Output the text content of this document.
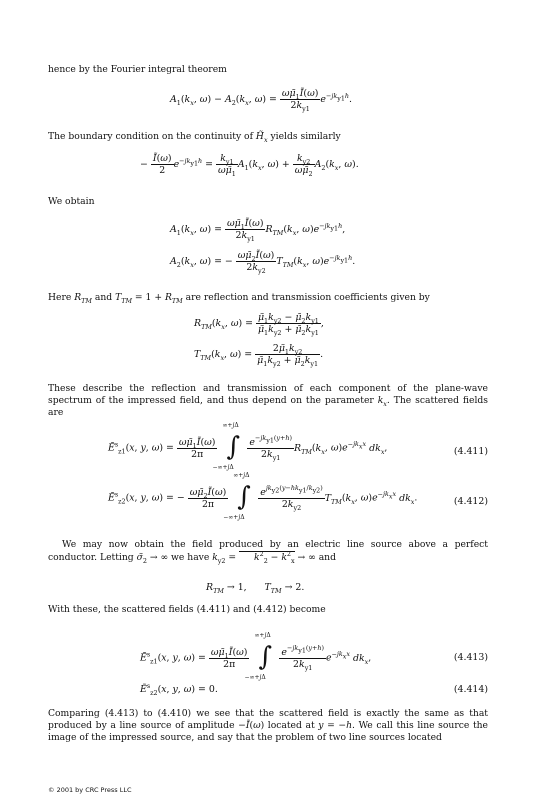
hence by the Fourier integral theorem
$A_1(k_x$, $\omega) - A_2(k_x$, $\omega) = \frac{\omega\mũ_1Ĩ(\omega)}{2k_{y1}} e^{-jk_{y1}h}$.
The boundary condition on the continuity of $H̃_x$ yields similarly
− $\frac{Ĩ(\omega)}{2} e^{-jk_{y1}h} = \frac{k_{y1}}{\omega\mũ_1} A_1(k_x$, $\omega) + \frac{k_{y2}}{\omega\mũ_2} A_2(k_x$, ω).
We obtain
$A_1(k_x$, $\omega) = \frac{\omega\mũ_1Ĩ(\omega)}{2k_{y1}} R_{TM}(k_x$, $\omega)e^{-jk_{y1}h}$,
$A_2(k_x$, ω) = − $\frac{\omega\mũ_2Ĩ(\omega)}{2k_{y2}} T_{TM}(k_x$, $\omega)e^{-jk_{y1}h}$.
Here $R_{TM}$ and $T_{TM} = 1 + R_{TM}$ are reflection and transmission coefficients given by
$R_{TM}(k_x$, $\omega) = \frac{\mũ_1k_{y2} - \mũ_2k_{y1}}{\mũ_1k_{y2} + \mũ_2k_{y1}}$ ,
$T_{TM}(k_x$, $\omega) = \frac{2\mũ_1k_{y2}}{\mũ_1k_{y2} + \mũ_2k_{y1}}$ .
These describe the reflection and transmission of each component of the plane-wave spectrum of the impressed field, and thus depend on the parameter $k_x$. The scattered fields are
Ẽ$^s_{z1}$(x, y, $\omega) = \frac{\omega\mũ_1Ĩ(\omega)}{2\pi}$

∞+jΔ
∫
−∞+jΔ

$\frac{e^{-jk_{y1}(y+h)}}{2k_{y1}} R_{TM}(k_x$, $\omega)e^{-jk_xx}$ $dk_x$,	(4.411)
Ẽ$^s_{z2}$(x, y, ω) = − $\frac{\omega\mũ_2Ĩ(\omega)}{2\pi}$

∞+jΔ
∫
−∞+jΔ

$\frac{e^{jk_{y2}(y-hk_{y1}/k_{y2})}}{2k_{y2}} T_{TM}(k_x$, $\omega)e^{-jk_xx}$ $dk_x$.	(4.412)
We may now obtain the field produced by an electric line source above a perfect conductor. Letting $\sigmã_2$ → ∞ we have $k_{y2} = k^2_2 - k^2_x$ → ∞ and
$R_{TM} \to 1$,      $T_{TM} \to 2$.
With these, the scattered fields (4.411) and (4.412) become
Ẽ$^s_{z1}$(x, y, $\omega) = \frac{\omega\mũ_1Ĩ(\omega)}{2\pi}$

∞+jΔ
∫
−∞+jΔ

$\frac{e^{-jk_{y1}(y+h)}}{2k_{y1}} e^{-jk_xx}$ $dk_x$,	(4.413)
Ẽ$^s_{z2}$(x, y, ω) = 0.	(4.414)
Comparing (4.413) to (4.410) we see that the scattered field is exactly the same as that produced by a line source of amplitude −Ĩ(ω) located at y = −h. We call this line source the image of the impressed source, and say that the problem of two line sources located
© 2001 by CRC Press LLC
